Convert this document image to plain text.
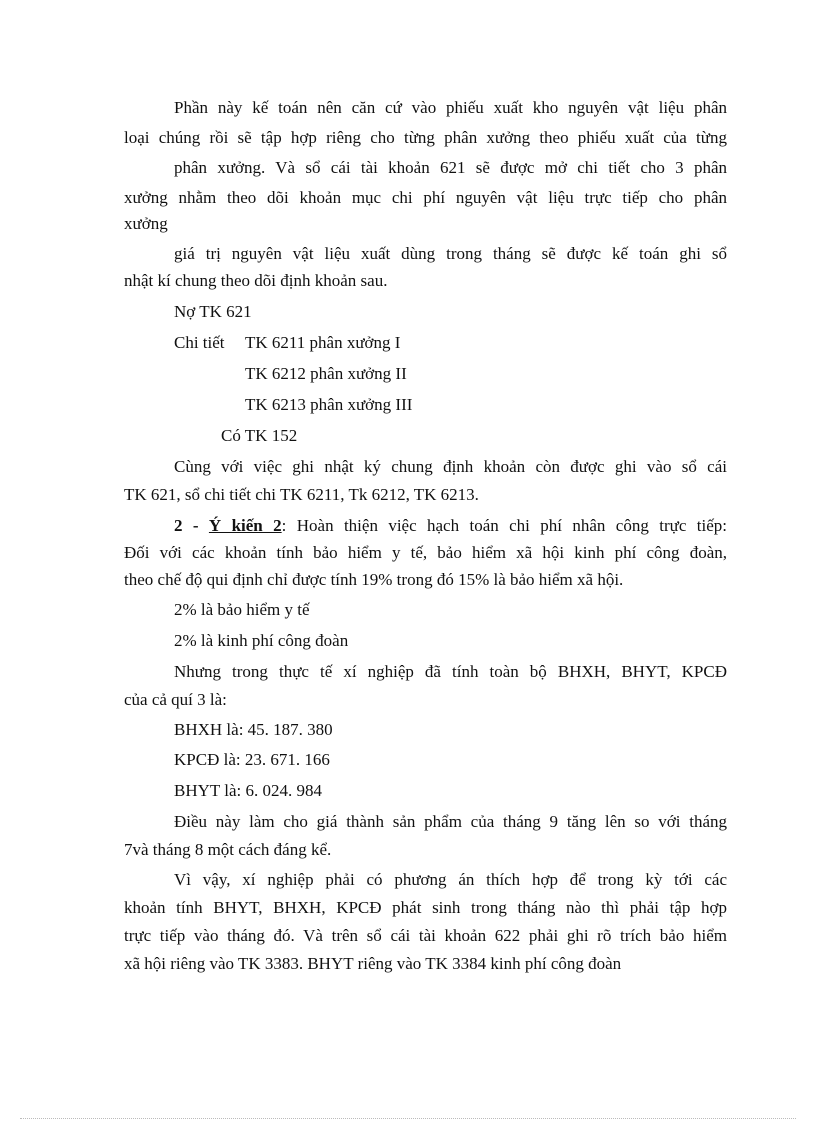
Phần này kế toán nên căn cứ vào phiếu xuất kho nguyên vật liệu phân
loại chúng rồi sẽ tập hợp riêng cho từng phân xưởng theo phiếu xuất của từng
phân xưởng. Và sổ cái tài khoản 621 sẽ được mở chi tiết cho 3 phân
xưởng nhằm theo dõi khoản mục chi phí nguyên vật liệu trực tiếp cho phân
xưởng
giá trị nguyên vật liệu xuất dùng trong tháng sẽ được kế toán ghi sổ
nhật kí chung theo dõi định khoản sau.
Nợ TK 621
Chi tiết TK 6211 phân xưởng I
TK 6212 phân xưởng II
TK 6213 phân xưởng III
Có TK 152
Cùng với việc ghi nhật ký chung định khoản còn được ghi vào sổ cái
TK 621, sổ chi tiết chi TK 6211, Tk 6212, TK 6213.
2 - Ý kiến 2: Hoàn thiện việc hạch toán chi phí nhân công trực tiếp:
Đối với các khoản tính bảo hiểm y tế, bảo hiểm xã hội kinh phí công đoàn,
theo chế độ qui định chỉ được tính 19% trong đó 15% là bảo hiểm xã hội.
2% là bảo hiểm y tế
2% là kinh phí công đoàn
Nhưng trong thực tế xí nghiệp đã tính toàn bộ BHXH, BHYT, KPCĐ
của cả quí 3 là:
BHXH là: 45. 187. 380
KPCĐ là: 23. 671. 166
BHYT là: 6. 024. 984
Điều này làm cho giá thành sản phẩm của tháng 9 tăng lên so với tháng
7và tháng 8 một cách đáng kể.
Vì vậy, xí nghiệp phải có phương án thích hợp để trong kỳ tới các
khoản tính BHYT, BHXH, KPCĐ phát sinh trong tháng nào thì phải tập hợp
trực tiếp vào tháng đó. Và trên sổ cái tài khoản 622 phải ghi rõ trích bảo hiểm
xã hội riêng vào TK 3383. BHYT riêng vào TK 3384 kinh phí công đoàn
